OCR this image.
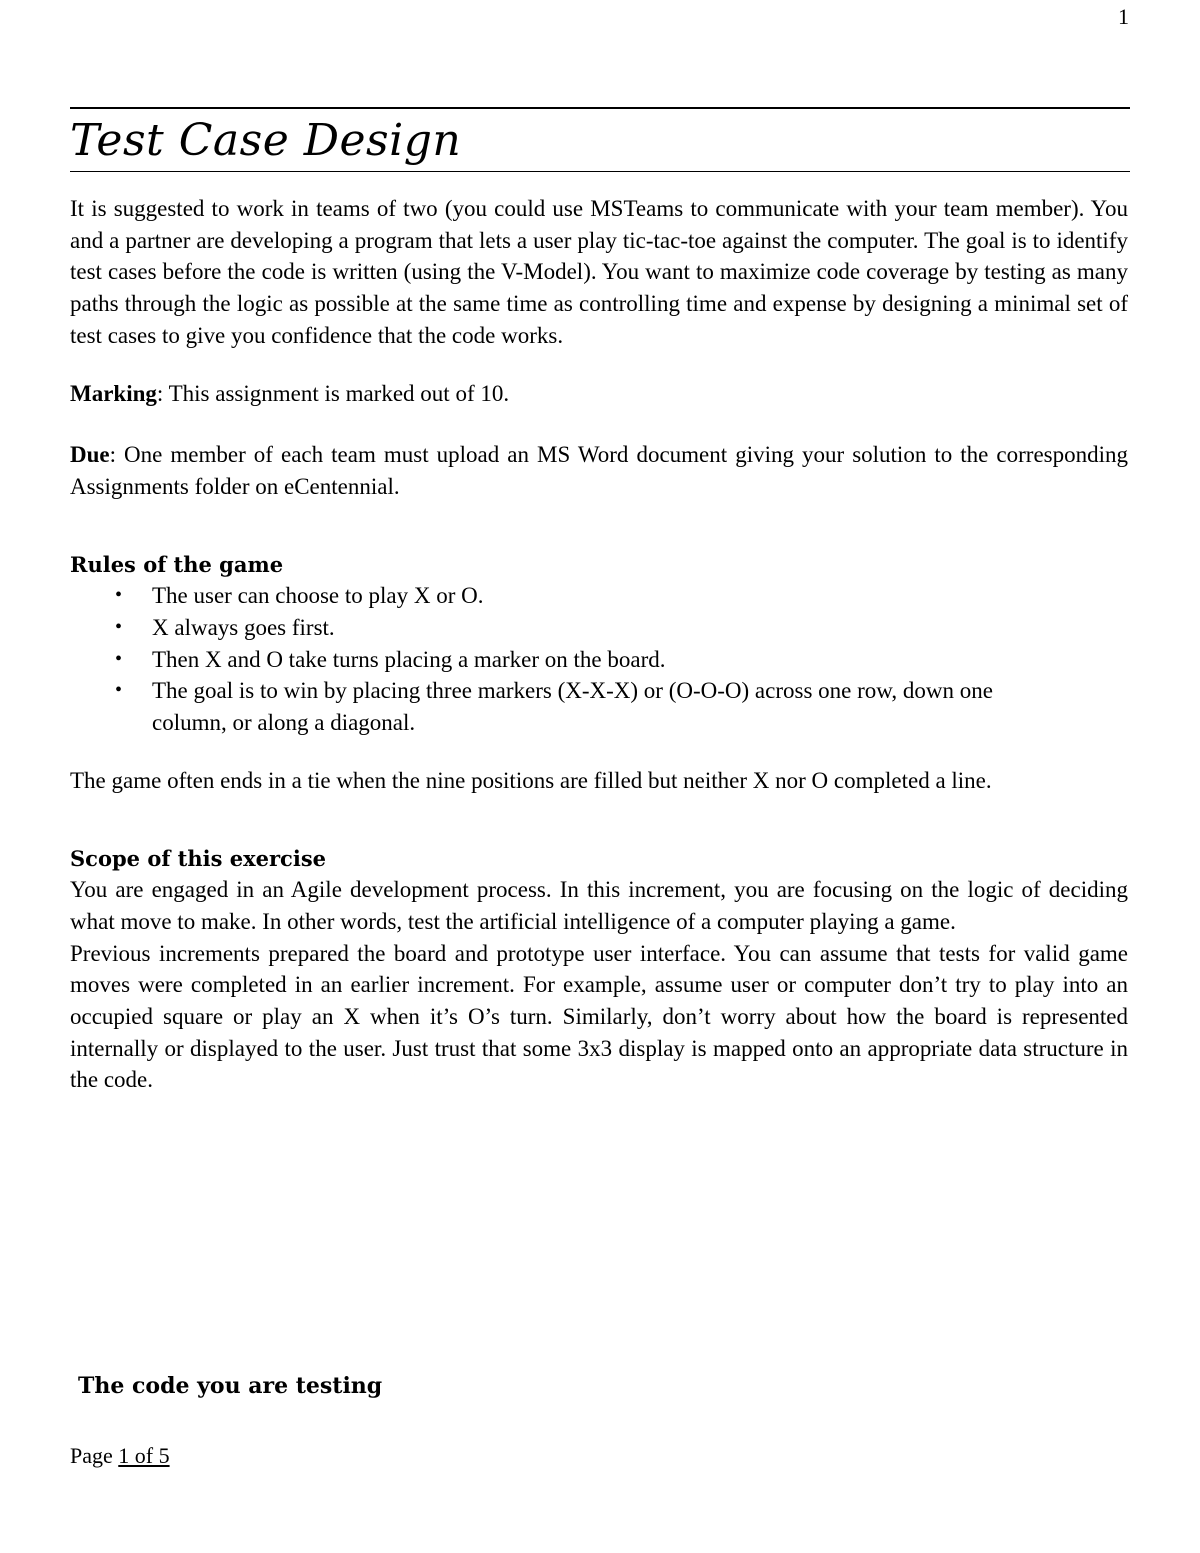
1
Test Case Design

It is suggested to work in teams of two (you could use MSTeams to communicate with your team member). You and a partner are developing a program that lets a user play tic-tac-toe against the computer. The goal is to identify test cases before the code is written (using the V-Model). You want to maximize code coverage by testing as many paths through the logic as possible at the same time as controlling time and expense by designing a minimal set of test cases to give you confidence that the code works.

Marking: This assignment is marked out of 10.

Due: One member of each team must upload an MS Word document giving your solution to the corresponding Assignments folder on eCentennial.

Rules of the game
• The user can choose to play X or O.
• X always goes first.
• Then X and O take turns placing a marker on the board.
• The goal is to win by placing three markers (X-X-X) or (O-O-O) across one row, down one column, or along a diagonal.

The game often ends in a tie when the nine positions are filled but neither X nor O completed a line.

Scope of this exercise

You are engaged in an Agile development process. In this increment, you are focusing on the logic of deciding what move to make. In other words, test the artificial intelligence of a computer playing a game.

Previous increments prepared the board and prototype user interface. You can assume that tests for valid game moves were completed in an earlier increment. For example, assume user or computer don’t try to play into an occupied square or play an X when it’s O’s turn. Similarly, don’t worry about how the board is represented internally or displayed to the user. Just trust that some 3x3 display is mapped onto an appropriate data structure in the code.

The code you are testing
Page 1 of 5
